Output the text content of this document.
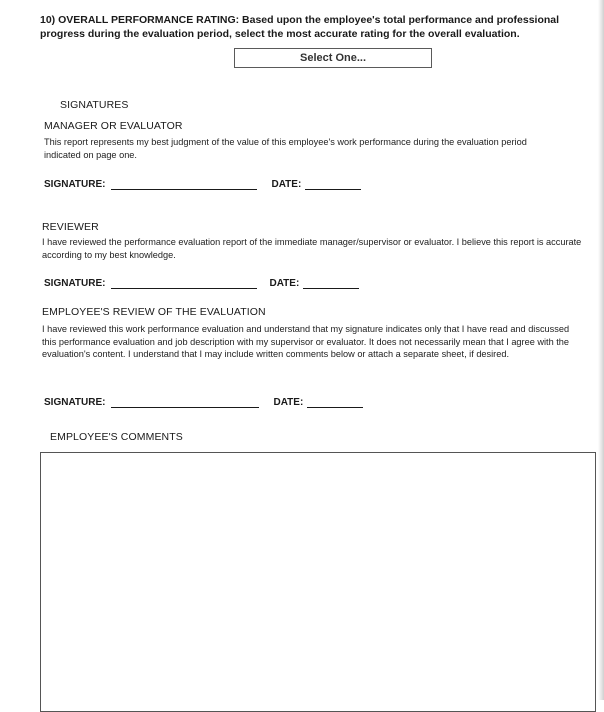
10) OVERALL PERFORMANCE RATING: Based upon the employee's total performance and professional progress during the evaluation period, select the most accurate rating for the overall evaluation.
Select One...
SIGNATURES
MANAGER OR EVALUATOR
This report represents my best judgment of the value of this employee's work performance during the evaluation period indicated on page one.
SIGNATURE:	DATE:
REVIEWER
I have reviewed the performance evaluation report of the immediate manager/supervisor or evaluator. I believe this report is accurate according to my best knowledge.
SIGNATURE:	DATE:
EMPLOYEE'S REVIEW OF THE EVALUATION
I have reviewed this work performance evaluation and understand that my signature indicates only that I have read and discussed this performance evaluation and job description with my supervisor or evaluator. It does not necessarily mean that I agree with the evaluation's content. I understand that I may include written comments below or attach a separate sheet, if desired.
SIGNATURE:	DATE:
EMPLOYEE'S COMMENTS
